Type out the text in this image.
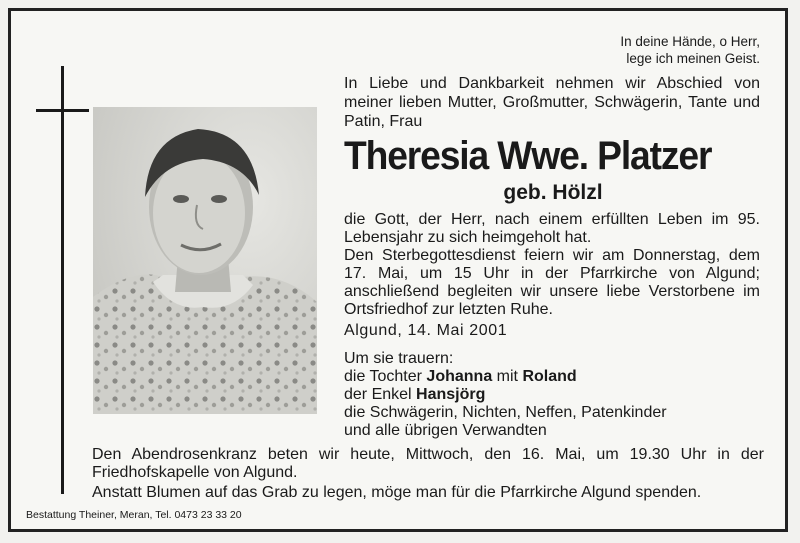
In deine Hände, o Herr,
lege ich meinen Geist.
In Liebe und Dankbarkeit nehmen wir Abschied von meiner lieben Mutter, Großmutter, Schwägerin, Tante und Patin, Frau
Theresia Wwe. Platzer
geb. Hölzl
die Gott, der Herr, nach einem erfüllten Leben im 95. Lebensjahr zu sich heimgeholt hat.
Den Sterbegottesdienst feiern wir am Donnerstag, dem 17. Mai, um 15 Uhr in der Pfarrkirche von Algund; anschließend begleiten wir unsere liebe Verstorbene im Ortsfriedhof zur letzten Ruhe.
Algund, 14. Mai 2001
Um sie trauern:
die Tochter Johanna mit Roland
der Enkel Hansjörg
die Schwägerin, Nichten, Neffen, Patenkinder
und alle übrigen Verwandten
Den Abendrosenkranz beten wir heute, Mittwoch, den 16. Mai, um 19.30 Uhr in der Friedhofskapelle von Algund.
Anstatt Blumen auf das Grab zu legen, möge man für die Pfarrkirche Algund spenden.
Bestattung Theiner, Meran, Tel. 0473 23 33 20
